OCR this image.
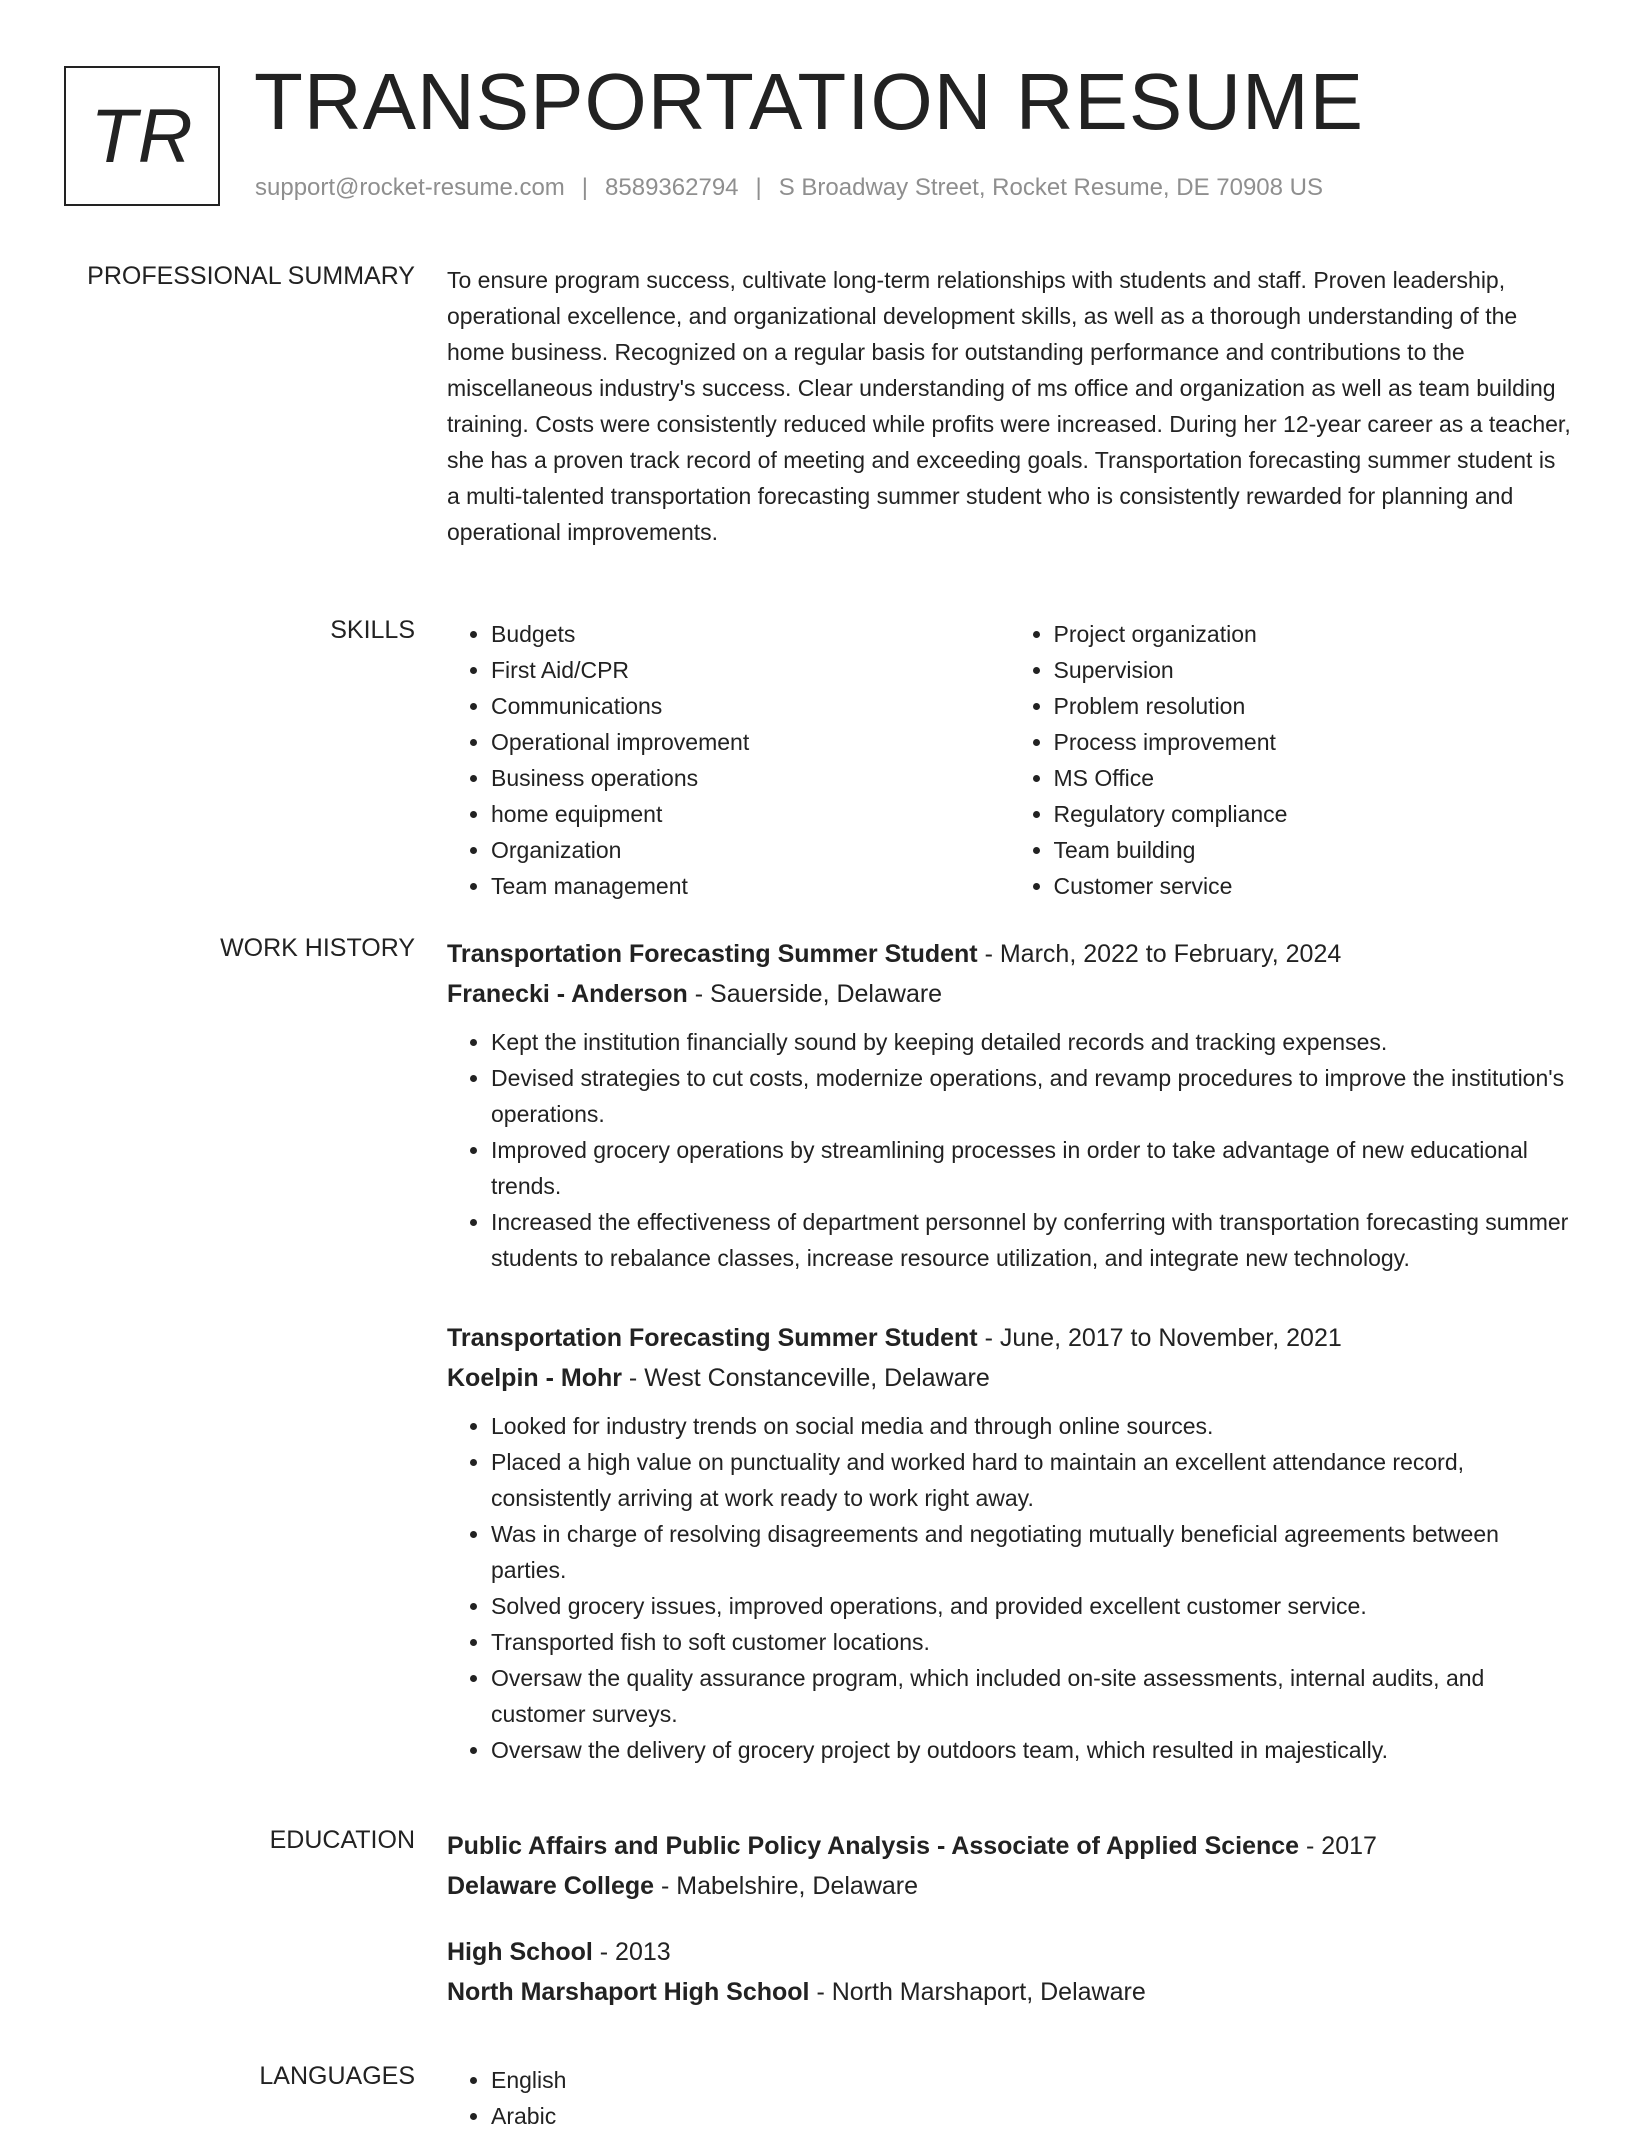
TR TRANSPORTATION RESUME
support@rocket-resume.com | 8589362794 | S Broadway Street, Rocket Resume, DE 70908 US
PROFESSIONAL SUMMARY To ensure program success, cultivate long-term relationships with students and staff. Proven leadership, operational excellence, and organizational development skills, as well as a thorough understanding of the home business. Recognized on a regular basis for outstanding performance and contributions to the miscellaneous industry's success. Clear understanding of ms office and organization as well as team building training. Costs were consistently reduced while profits were increased. During her 12-year career as a teacher, she has a proven track record of meeting and exceeding goals. Transportation forecasting summer student is a multi-talented transportation forecasting summer student who is consistently rewarded for planning and operational improvements.

SKILLS	• Budgets
• First Aid/CPR
• Communications
• Operational improvement
• Business operations
• home equipment
• Organization
• Team management
• Project organization
• Supervision
• Problem resolution
• Process improvement
• MS Office
• Regulatory compliance
• Team building
• Customer service
WORK HISTORY Transportation Forecasting Summer Student - March, 2022 to February, 2024
Franecki - Anderson - Sauerside, Delaware
• Kept the institution financially sound by keeping detailed records and tracking expenses.
• Devised strategies to cut costs, modernize operations, and revamp procedures to improve the institution's operations.
• Improved grocery operations by streamlining processes in order to take advantage of new educational trends.
• Increased the effectiveness of department personnel by conferring with transportation forecasting summer students to rebalance classes, increase resource utilization, and integrate new technology.
Transportation Forecasting Summer Student - June, 2017 to November, 2021
Koelpin - Mohr - West Constanceville, Delaware
• Looked for industry trends on social media and through online sources.
• Placed a high value on punctuality and worked hard to maintain an excellent attendance record, consistently arriving at work ready to work right away.
• Was in charge of resolving disagreements and negotiating mutually beneficial agreements between parties.
• Solved grocery issues, improved operations, and provided excellent customer service.
• Transported fish to soft customer locations.
• Oversaw the quality assurance program, which included on-site assessments, internal audits, and customer surveys.
• Oversaw the delivery of grocery project by outdoors team, which resulted in majestically.
EDUCATION Public Affairs and Public Policy Analysis - Associate of Applied Science - 2017
Delaware College - Mabelshire, Delaware
High School - 2013
North Marshaport High School - North Marshaport, Delaware
LANGUAGES	• English
• Arabic
